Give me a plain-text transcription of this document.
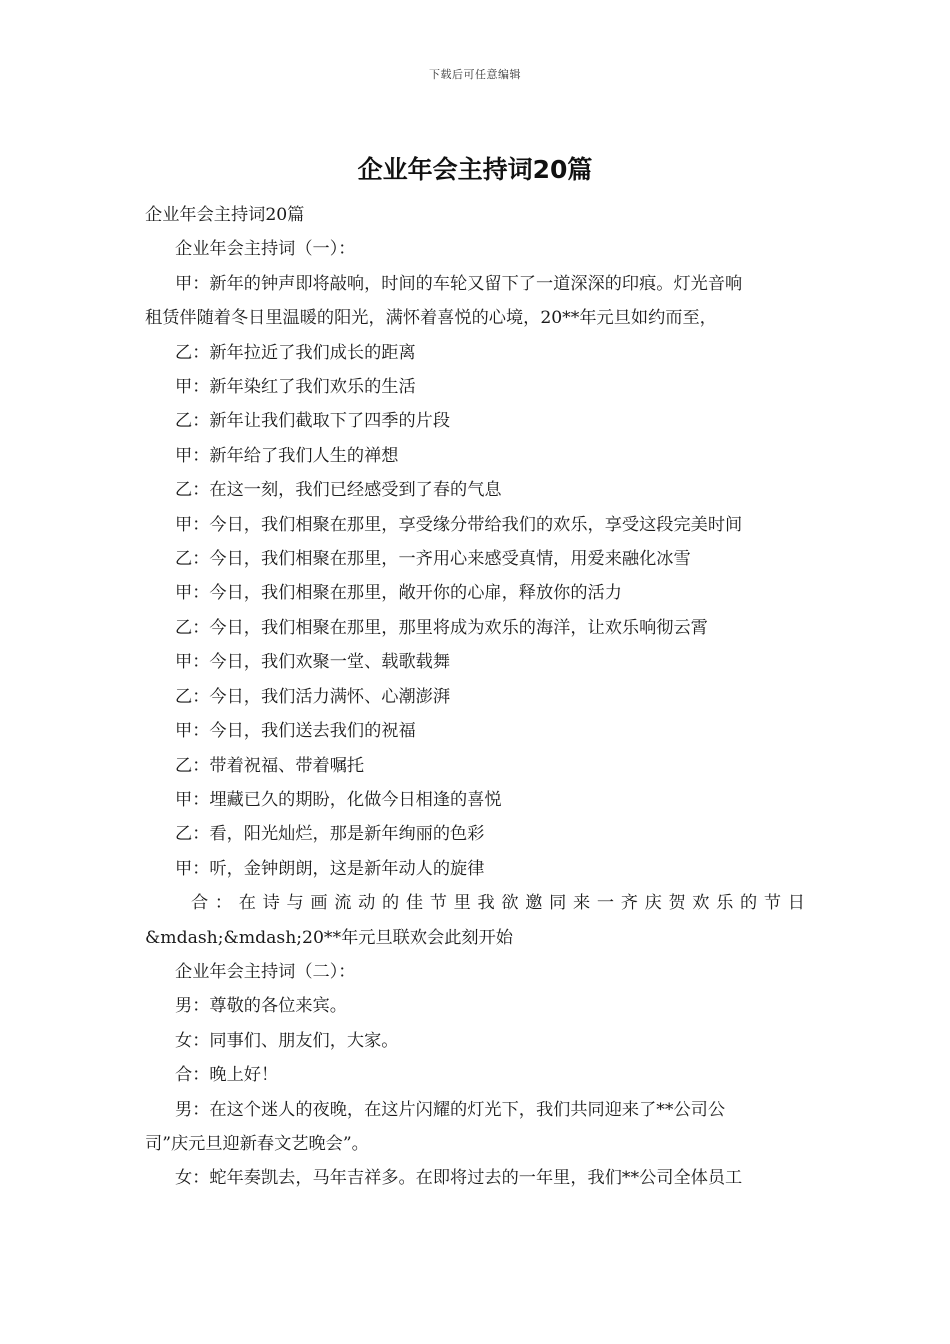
下载后可任意编辑
企业年会主持词20篇

企业年会主持词20篇

企业年会主持词（一）：

甲：新年的钟声即将敲响，时间的车轮又留下了一道深深的印痕。灯光音响

租赁伴随着冬日里温暖的阳光，满怀着喜悦的心境，20**年元旦如约而至，

乙：新年拉近了我们成长的距离

甲：新年染红了我们欢乐的生活

乙：新年让我们截取下了四季的片段

甲：新年给了我们人生的禅想

乙：在这一刻，我们已经感受到了春的气息

甲：今日，我们相聚在那里，享受缘分带给我们的欢乐，享受这段完美时间

乙：今日，我们相聚在那里，一齐用心来感受真情，用爱来融化冰雪

甲：今日，我们相聚在那里，敞开你的心扉，释放你的活力

乙：今日，我们相聚在那里，那里将成为欢乐的海洋，让欢乐响彻云霄

甲：今日，我们欢聚一堂、载歌载舞

乙：今日，我们活力满怀、心潮澎湃

甲：今日，我们送去我们的祝福

乙：带着祝福、带着嘱托

甲：埋藏已久的期盼，化做今日相逢的喜悦

乙：看，阳光灿烂，那是新年绚丽的色彩

甲：听，金钟朗朗，这是新年动人的旋律

合：在诗与画流动的佳节里我欲邀同来一齐庆贺欢乐的节日

&mdash;&mdash;20**年元旦联欢会此刻开始

企业年会主持词（二）：

男：尊敬的各位来宾。

女：同事们、朋友们，大家。

合：晚上好！

男：在这个迷人的夜晚，在这片闪耀的灯光下，我们共同迎来了**公司公

司”庆元旦迎新春文艺晚会”。

女：蛇年奏凯去，马年吉祥多。在即将过去的一年里，我们**公司全体员工
